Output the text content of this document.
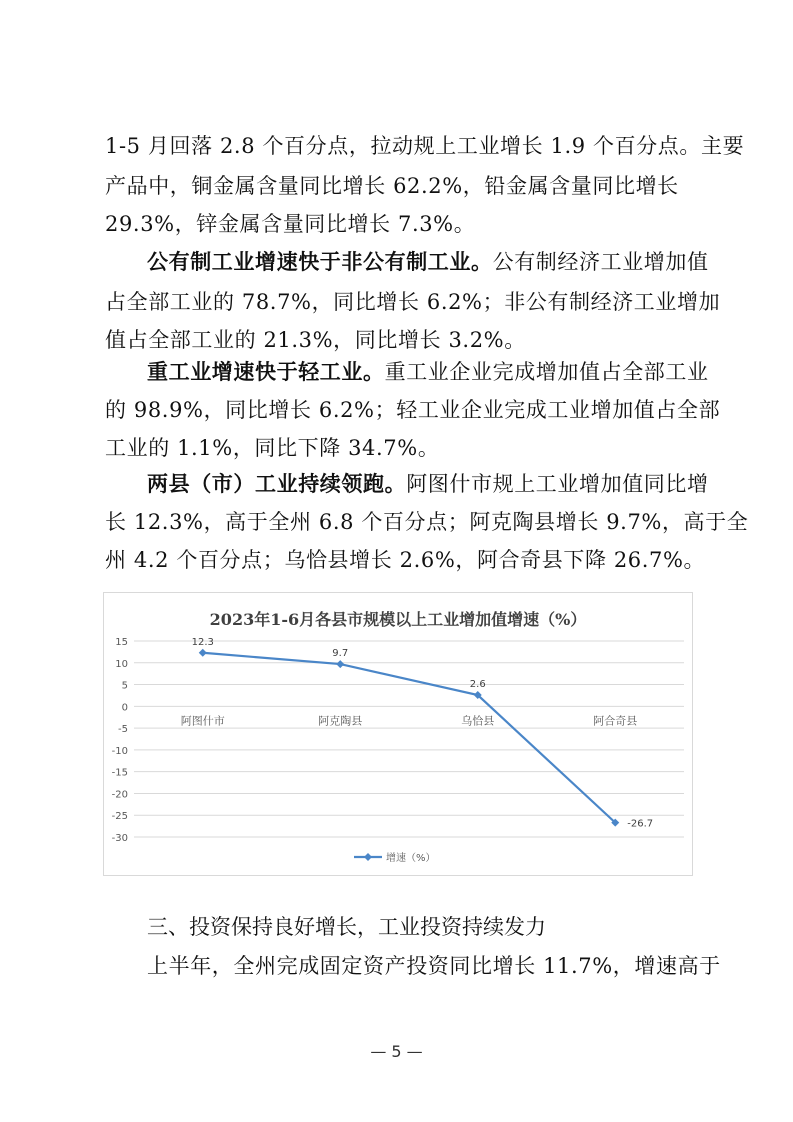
1-5 月回落 2.8 个百分点，拉动规上工业增长 1.9 个百分点。主要
产品中，铜金属含量同比增长 62.2%，铅金属含量同比增长
29.3%，锌金属含量同比增长 7.3%。
公有制工业增速快于非公有制工业。公有制经济工业增加值
占全部工业的 78.7%，同比增长 6.2%；非公有制经济工业增加
值占全部工业的 21.3%，同比增长 3.2%。
重工业增速快于轻工业。重工业企业完成增加值占全部工业
的 98.9%，同比增长 6.2%；轻工业企业完成工业增加值占全部
工业的 1.1%，同比下降 34.7%。
两县（市）工业持续领跑。阿图什市规上工业增加值同比增
长 12.3%，高于全州 6.8 个百分点；阿克陶县增长 9.7%，高于全
州 4.2 个百分点；乌恰县增长 2.6%，阿合奇县下降 26.7%。
2023年1-6月各县市规模以上工业增加值增速（%）
15
10
5
0
-5
-10
-15
-20
-25
-30
阿图什市	阿克陶县	乌恰县	阿合奇县
12.3
9.7
2.6
-26.7
增速（%）
三、投资保持良好增长，工业投资持续发力
上半年，全州完成固定资产投资同比增长 11.7%，增速高于
— 5 —
